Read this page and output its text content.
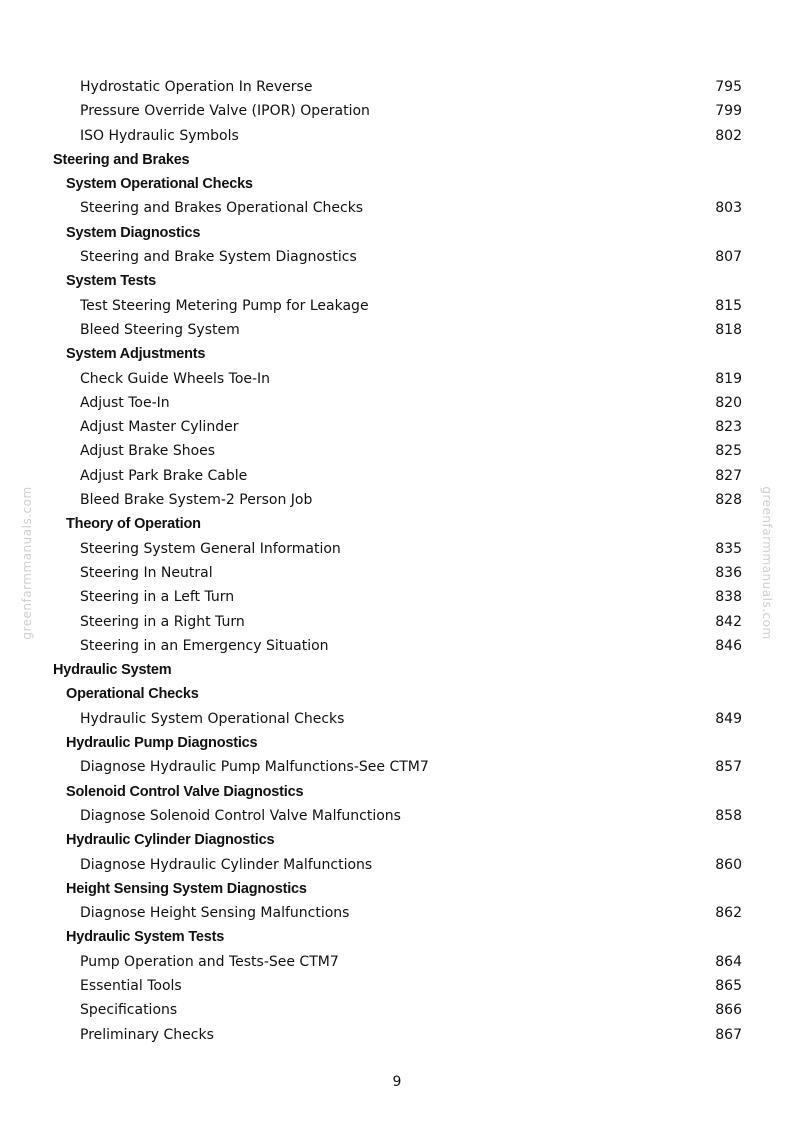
Hydrostatic Operation In Reverse	795
Pressure Override Valve (IPOR) Operation	799
ISO Hydraulic Symbols	802
Steering and Brakes
System Operational Checks
Steering and Brakes Operational Checks	803
System Diagnostics
Steering and Brake System Diagnostics	807
System Tests
Test Steering Metering Pump for Leakage	815
Bleed Steering System	818
System Adjustments
Check Guide Wheels Toe-In	819
Adjust Toe-In	820
Adjust Master Cylinder	823
Adjust Brake Shoes	825
Adjust Park Brake Cable	827
Bleed Brake System-2 Person Job	828
Theory of Operation
Steering System General Information	835
Steering In Neutral	836
Steering in a Left Turn	838
Steering in a Right Turn	842
Steering in an Emergency Situation	846
Hydraulic System
Operational Checks
Hydraulic System Operational Checks	849
Hydraulic Pump Diagnostics
Diagnose Hydraulic Pump Malfunctions-See CTM7	857
Solenoid Control Valve Diagnostics
Diagnose Solenoid Control Valve Malfunctions	858
Hydraulic Cylinder Diagnostics
Diagnose Hydraulic Cylinder Malfunctions	860
Height Sensing System Diagnostics
Diagnose Height Sensing Malfunctions	862
Hydraulic System Tests
Pump Operation and Tests-See CTM7	864
Essential Tools	865
Specifications	866
Preliminary Checks	867
greenfarmmanuals.com	greenfarmmanuals.com
9
